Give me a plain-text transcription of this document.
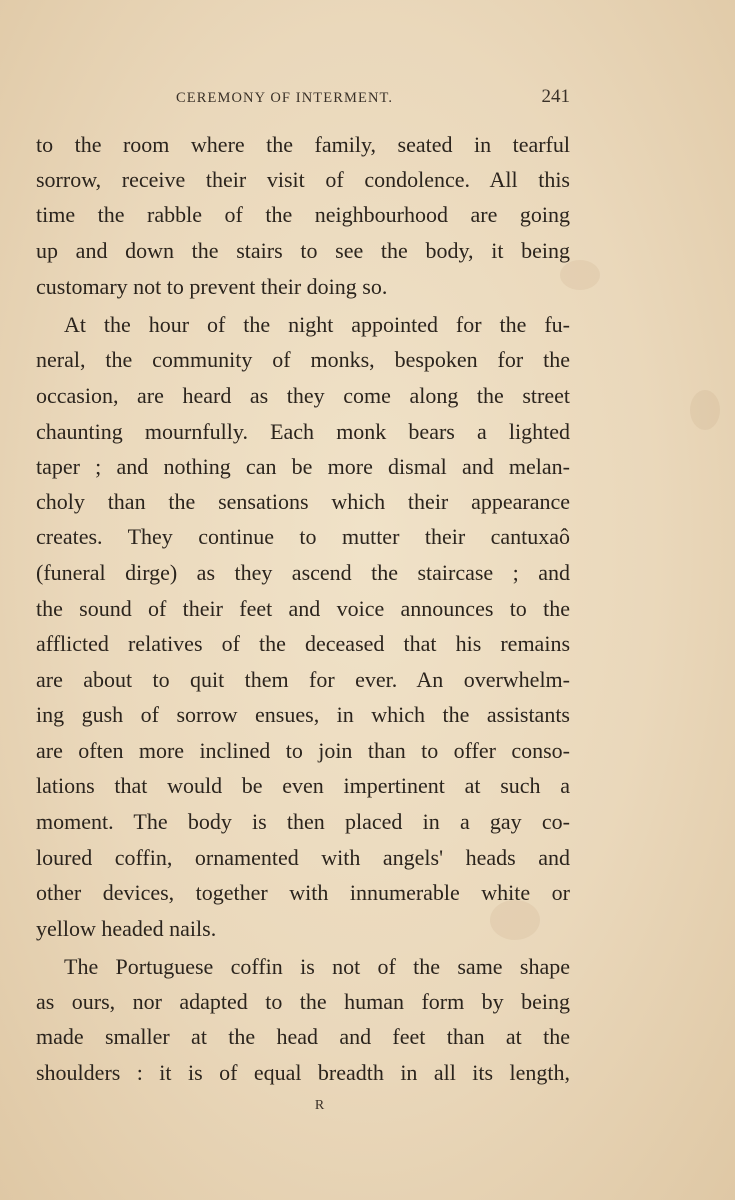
CEREMONY OF INTERMENT.	241
to the room where the family, seated in tearful
sorrow, receive their visit of condolence. All this
time the rabble of the neighbourhood are going
up and down the stairs to see the body, it being
customary not to prevent their doing so.
At the hour of the night appointed for the fu-
neral, the community of monks, bespoken for the
occasion, are heard as they come along the street
chaunting mournfully. Each monk bears a lighted
taper ; and nothing can be more dismal and melan-
choly than the sensations which their appearance
creates. They continue to mutter their cantuxaô
(funeral dirge) as they ascend the staircase ; and
the sound of their feet and voice announces to the
afflicted relatives of the deceased that his remains
are about to quit them for ever. An overwhelm-
ing gush of sorrow ensues, in which the assistants
are often more inclined to join than to offer conso-
lations that would be even impertinent at such a
moment. The body is then placed in a gay co-
loured coffin, ornamented with angels' heads and
other devices, together with innumerable white or
yellow headed nails.
The Portuguese coffin is not of the same shape
as ours, nor adapted to the human form by being
made smaller at the head and feet than at the
shoulders : it is of equal breadth in all its length,
R
